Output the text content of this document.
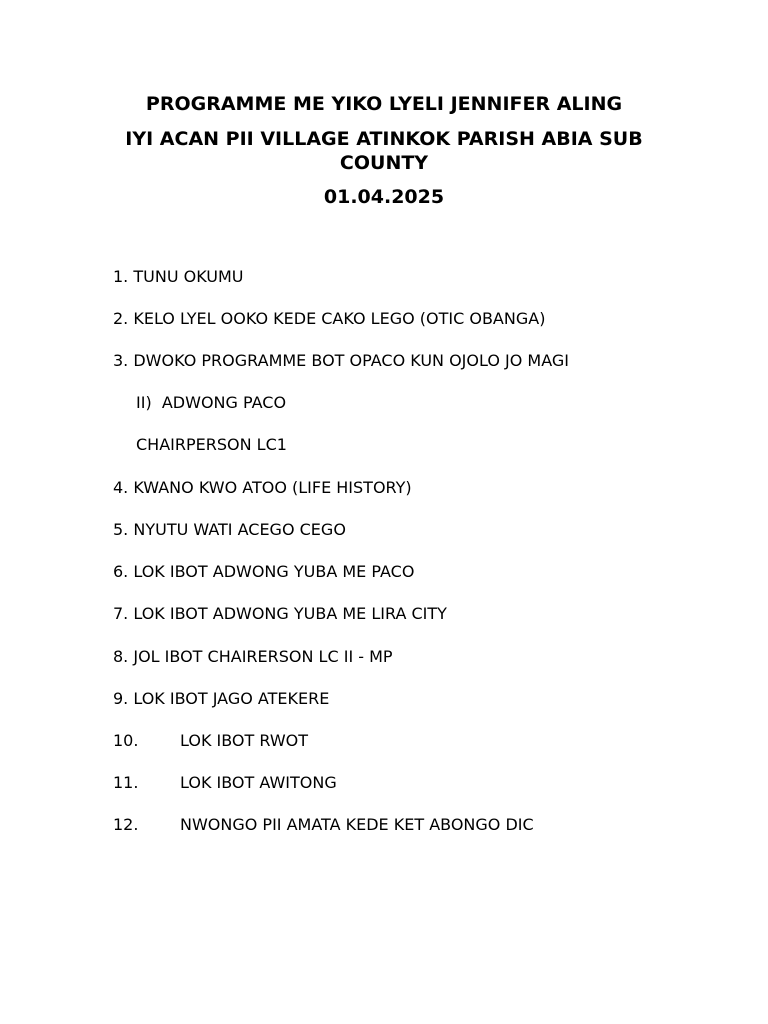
PROGRAMME ME YIKO LYELI JENNIFER ALING
IYI ACAN PII VILLAGE ATINKOK PARISH ABIA SUB COUNTY
01.04.2025
1. TUNU OKUMU
2. KELO LYEL OOKO KEDE CAKO LEGO (OTIC OBANGA)
3. DWOKO PROGRAMME BOT OPACO KUN OJOLO JO MAGI
II)  ADWONG PACO
CHAIRPERSON LC1
4. KWANO KWO ATOO (LIFE HISTORY)
5. NYUTU WATI ACEGO CEGO
6. LOK IBOT ADWONG YUBA ME PACO
7. LOK IBOT ADWONG YUBA ME LIRA CITY
8. JOL IBOT CHAIRERSON LC II - MP
9. LOK IBOT JAGO ATEKERE
10.	LOK IBOT RWOT
11.	LOK IBOT AWITONG
12.	NWONGO PII AMATA KEDE KET ABONGO DIC
